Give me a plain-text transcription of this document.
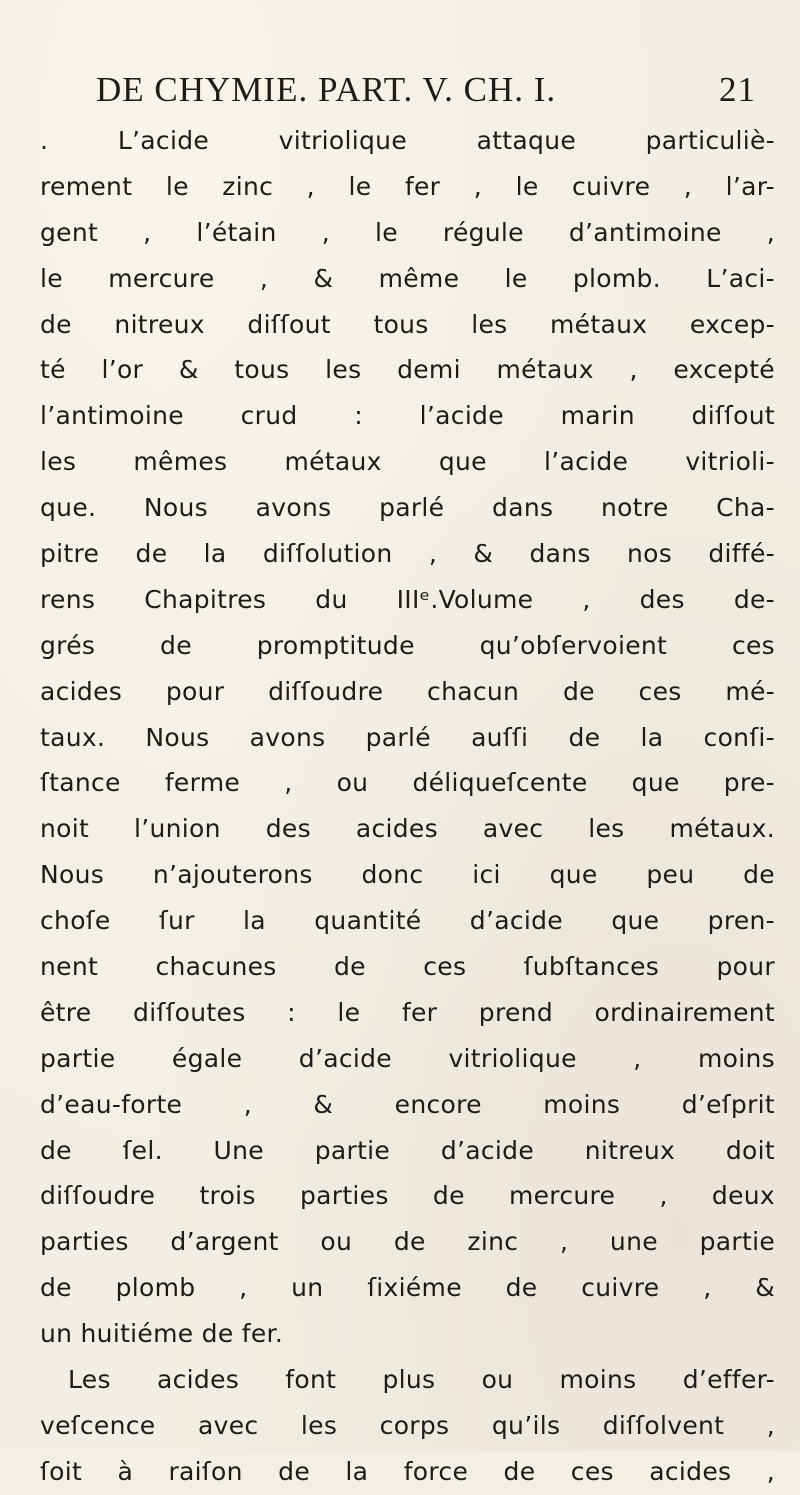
DE CHYMIE. PART. V. CH. I.	21
. L’acide vitriolique attaque particuliè-
rement le zinc , le fer , le cuivre , l’ar-
gent , l’étain , le régule d’antimoine ,
le mercure , & même le plomb. L’aci-
de nitreux diſſout tous les métaux excep-
té l’or & tous les demi métaux , excepté
l’antimoine crud : l’acide marin diſſout
les mêmes métaux que l’acide vitrioli-
que. Nous avons parlé dans notre Cha-
pitre de la diſſolution , & dans nos diffé-
rens Chapitres du IIIᵉ.Volume , des de-
grés de promptitude qu’obſervoient ces
acides pour diſſoudre chacun de ces mé-
taux. Nous avons parlé auſſi de la conſi-
ſtance ferme , ou déliqueſcente que pre-
noit l’union des acides avec les métaux.
Nous n’ajouterons donc ici que peu de
choſe ſur la quantité d’acide que pren-
nent chacunes de ces ſubſtances pour
être diſſoutes : le fer prend ordinairement
partie égale d’acide vitriolique , moins
d’eau-forte , & encore moins d’eſprit
de ſel. Une partie d’acide nitreux doit
diſſoudre trois parties de mercure , deux
parties d’argent ou de zinc , une partie
de plomb , un ſixiéme de cuivre , &
un huitiéme de fer.
Les acides font plus ou moins d’effer-
veſcence avec les corps qu’ils diſſolvent ,
ſoit à raiſon de la force de ces acides ,
